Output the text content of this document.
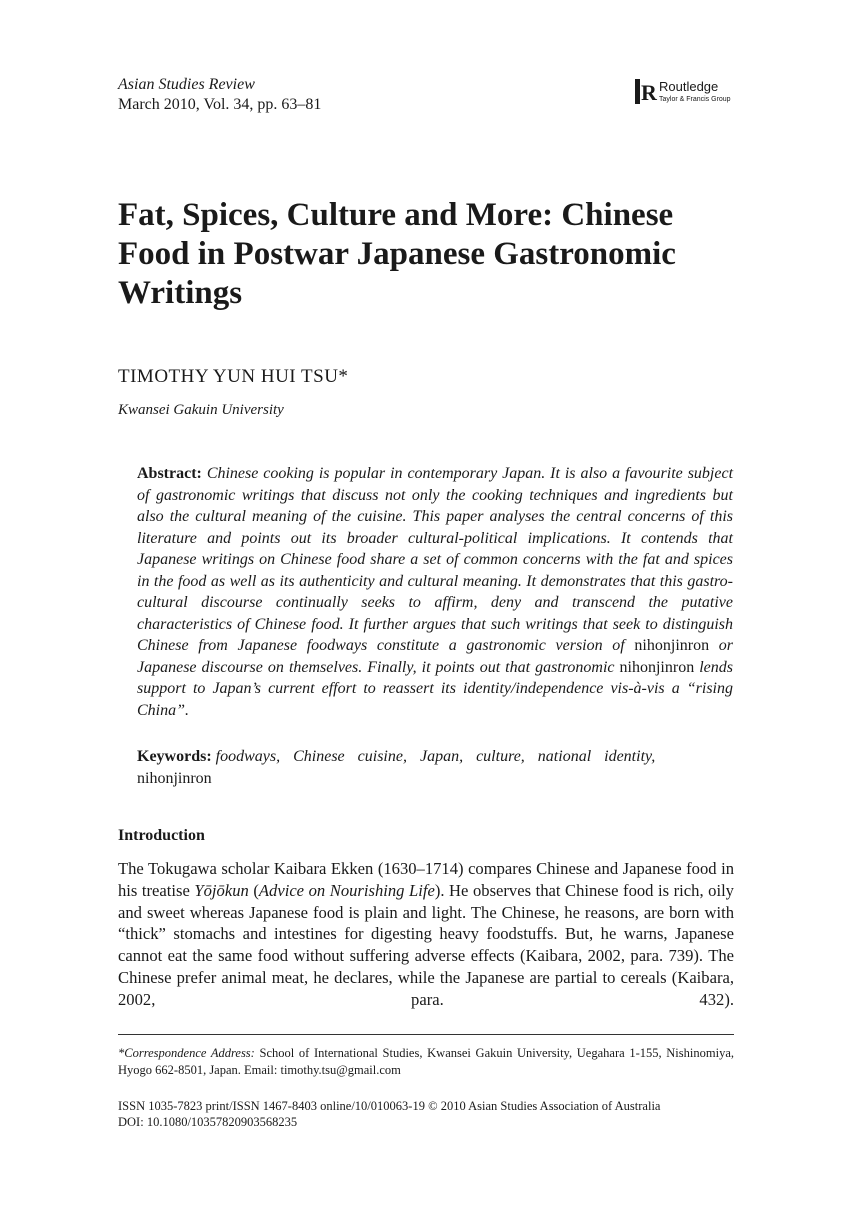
Asian Studies Review
March 2010, Vol. 34, pp. 63–81	R Routledge
Taylor & Francis Group
Fat, Spices, Culture and More: Chinese Food in Postwar Japanese Gastronomic Writings
TIMOTHY YUN HUI TSU*
Kwansei Gakuin University

Abstract: Chinese cooking is popular in contemporary Japan. It is also a favourite subject of gastronomic writings that discuss not only the cooking techniques and ingredients but also the cultural meaning of the cuisine. This paper analyses the central concerns of this literature and points out its broader cultural-political implications. It contends that Japanese writings on Chinese food share a set of common concerns with the fat and spices in the food as well as its authenticity and cultural meaning. It demonstrates that this gastro-cultural discourse continually seeks to affirm, deny and transcend the putative characteristics of Chinese food. It further argues that such writings that seek to distinguish Chinese from Japanese foodways constitute a gastronomic version of nihonjinron or Japanese discourse on themselves. Finally, it points out that gastronomic nihonjinron lends support to Japan’s current effort to reassert its identity/independence vis-à-vis a “rising China”.

Keywords: foodways, Chinese cuisine, Japan, culture, national identity,
nihonjinron

Introduction

The Tokugawa scholar Kaibara Ekken (1630–1714) compares Chinese and Japanese food in his treatise Yōjōkun (Advice on Nourishing Life). He observes that Chinese food is rich, oily and sweet whereas Japanese food is plain and light. The Chinese, he reasons, are born with “thick” stomachs and intestines for digesting heavy foodstuffs. But, he warns, Japanese cannot eat the same food without suffering adverse effects (Kaibara, 2002, para. 739). The Chinese prefer animal meat, he declares, while the Japanese are partial to cereals (Kaibara, 2002, para. 432).

*Correspondence Address: School of International Studies, Kwansei Gakuin University, Uegahara 1-155, Nishinomiya, Hyogo 662-8501, Japan. Email: timothy.tsu@gmail.com

ISSN 1035-7823 print/ISSN 1467-8403 online/10/010063-19 © 2010 Asian Studies Association of Australia
DOI: 10.1080/10357820903568235
